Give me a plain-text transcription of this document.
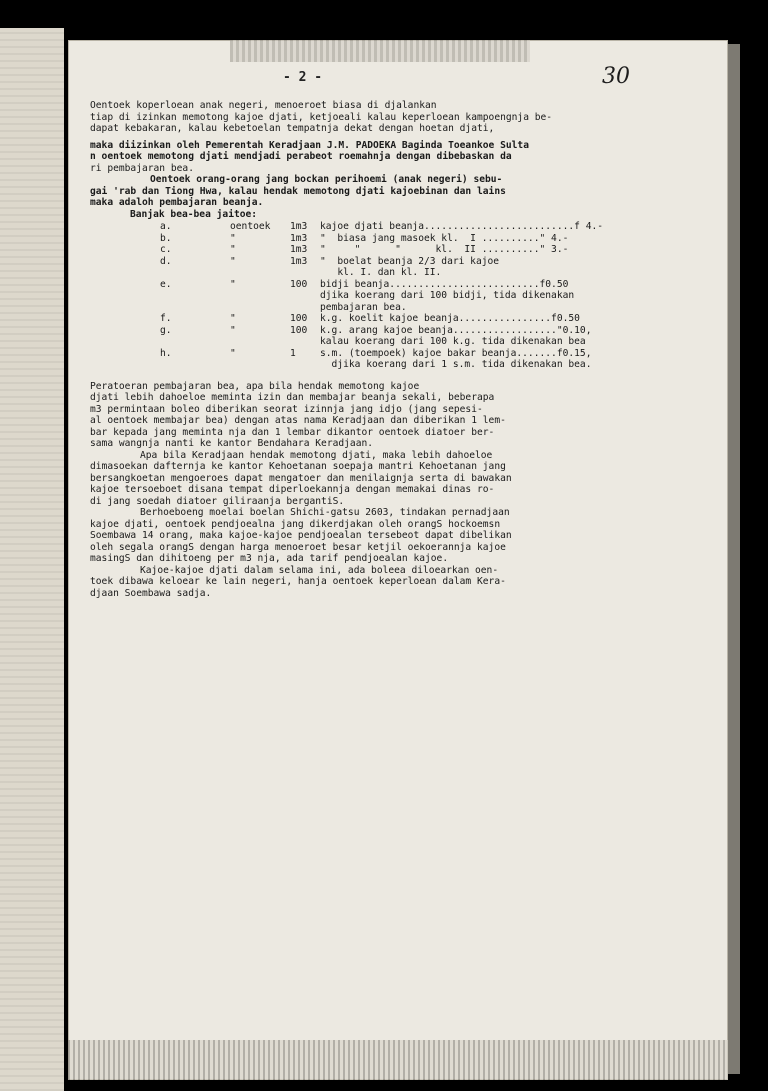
- 2 -	30
Oentoek koperloean anak negeri, menoeroet biasa di djalankan
tiap di izinkan memotong kajoe djati, ketjoeali kalau keperloean kampoengnja be-
dapat kebakaran, kalau kebetoelan tempatnja dekat dengan hoetan djati,
maka diizinkan oleh Pemerentah Keradjaan J.M. PADOEKA Baginda Toeankoe Sulta
n oentoek memotong djati mendjadi perabeot roemahnja dengan dibebaskan da
ri pembajaran bea.
Oentoek orang-orang jang bockan perihoemi (anak negeri) sebu-
gai 'rab dan Tiong Hwa, kalau hendak memotong djati kajoebinan dan lains
maka adaloh pembajaran beanja.
Banjak bea-bea jaitoe:
a.	oentoek	1m3	kajoe djati beanja..........................f 4.-
b.	"	1m3	"  biasa jang masoek kl.  I .........." 4.-
c.	"	1m3	"     "      "      kl.  II .........." 3.-
d.	"	1m3	"  boelat beanja 2/3 dari kajoe
kl. I. dan kl. II.
e.	"	100	bidji beanja..........................f0.50
djika koerang dari 100 bidji, tida dikenakan
pembajaran bea.
f.	"	100	k.g. koelit kajoe beanja................f0.50
g.	"	100	k.g. arang kajoe beanja.................."0.10,
kalau koerang dari 100 k.g. tida dikenakan bea
h.	"	1	s.m. (toempoek) kajoe bakar beanja.......f0.15,
djika koerang dari 1 s.m. tida dikenakan bea.
Peratoeran pembajaran bea, apa bila hendak memotong kajoe
djati lebih dahoeloe meminta izin dan membajar beanja sekali, beberapa
m3 permintaan boleo diberikan seorat izinnja jang idjo (jang sepesi-
al oentoek membajar bea) dengan atas nama Keradjaan dan diberikan 1 lem-
bar kepada jang meminta nja dan 1 lembar dikantor oentoek diatoer ber-
sama wangnja nanti ke kantor Bendahara Keradjaan.
Apa bila Keradjaan hendak memotong djati, maka lebih dahoeloe
dimasoekan dafternja ke kantor Kehoetanan soepaja mantri Kehoetanan jang
bersangkoetan mengoeroes dapat mengatoer dan menilaignja serta di bawakan
kajoe tersoeboet disana tempat diperloekannja dengan memakai dinas ro-
di jang soedah diatoer giliraanja bergantiS.
Berhoeboeng moelai boelan Shichi-gatsu 2603, tindakan pernadjaan
kajoe djati, oentoek pendjoealna jang dikerdjakan oleh orangS hockoemsn
Soembawa 14 orang, maka kajoe-kajoe pendjoealan tersebeot dapat dibelikan
oleh segala orangS dengan harga menoeroet besar ketjil oekoerannja kajoe
masingS dan dihitoeng per m3 nja, ada tarif pendjoealan kajoe.
Kajoe-kajoe djati dalam selama ini, ada boleea diloearkan oen-
toek dibawa keloear ke lain negeri, hanja oentoek keperloean dalam Kera-
djaan Soembawa sadja.
